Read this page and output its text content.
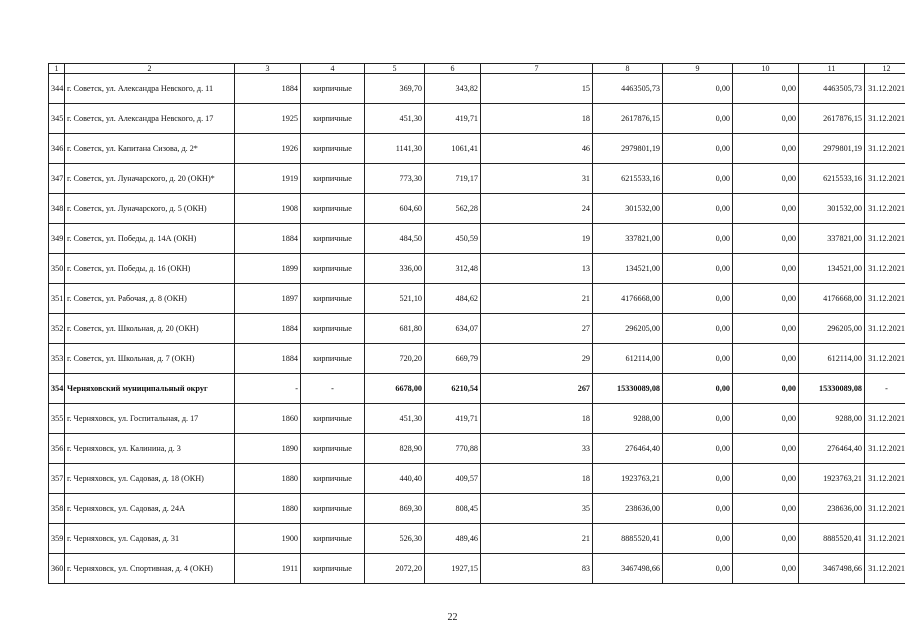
1	2	3	4	5	6	7	8	9	10	11	12
344	г. Советск, ул. Александра Невского, д. 11	1884	кирпичные	369,70	343,82	15	4463505,73	0,00	0,00	4463505,73	31.12.2021
345	г. Советск, ул. Александра Невского, д. 17	1925	кирпичные	451,30	419,71	18	2617876,15	0,00	0,00	2617876,15	31.12.2021
346	г. Советск, ул. Капитана Сизова, д. 2*	1926	кирпичные	1141,30	1061,41	46	2979801,19	0,00	0,00	2979801,19	31.12.2021
347	г. Советск, ул. Луначарского, д. 20 (ОКН)*	1919	кирпичные	773,30	719,17	31	6215533,16	0,00	0,00	6215533,16	31.12.2021
348	г. Советск, ул. Луначарского, д. 5 (ОКН)	1908	кирпичные	604,60	562,28	24	301532,00	0,00	0,00	301532,00	31.12.2021
349	г. Советск, ул. Победы, д. 14А (ОКН)	1884	кирпичные	484,50	450,59	19	337821,00	0,00	0,00	337821,00	31.12.2021
350	г. Советск, ул. Победы, д. 16 (ОКН)	1899	кирпичные	336,00	312,48	13	134521,00	0,00	0,00	134521,00	31.12.2021
351	г. Советск, ул. Рабочая, д. 8 (ОКН)	1897	кирпичные	521,10	484,62	21	4176668,00	0,00	0,00	4176668,00	31.12.2021
352	г. Советск, ул. Школьная, д. 20 (ОКН)	1884	кирпичные	681,80	634,07	27	296205,00	0,00	0,00	296205,00	31.12.2021
353	г. Советск, ул. Школьная, д. 7 (ОКН)	1884	кирпичные	720,20	669,79	29	612114,00	0,00	0,00	612114,00	31.12.2021
354	Черняховский муниципальный округ	-	-	6678,00	6210,54	267	15330089,08	0,00	0,00	15330089,08	-
355	г. Черняховск, ул. Госпитальная, д. 17	1860	кирпичные	451,30	419,71	18	9288,00	0,00	0,00	9288,00	31.12.2021
356	г. Черняховск, ул. Калинина, д. 3	1890	кирпичные	828,90	770,88	33	276464,40	0,00	0,00	276464,40	31.12.2021
357	г. Черняховск, ул. Садовая, д. 18 (ОКН)	1880	кирпичные	440,40	409,57	18	1923763,21	0,00	0,00	1923763,21	31.12.2021
358	г. Черняховск, ул. Садовая, д. 24А	1880	кирпичные	869,30	808,45	35	238636,00	0,00	0,00	238636,00	31.12.2021
359	г. Черняховск, ул. Садовая, д. 31	1900	кирпичные	526,30	489,46	21	8885520,41	0,00	0,00	8885520,41	31.12.2021
360	г. Черняховск, ул. Спортивная, д. 4 (ОКН)	1911	кирпичные	2072,20	1927,15	83	3467498,66	0,00	0,00	3467498,66	31.12.2021
22
